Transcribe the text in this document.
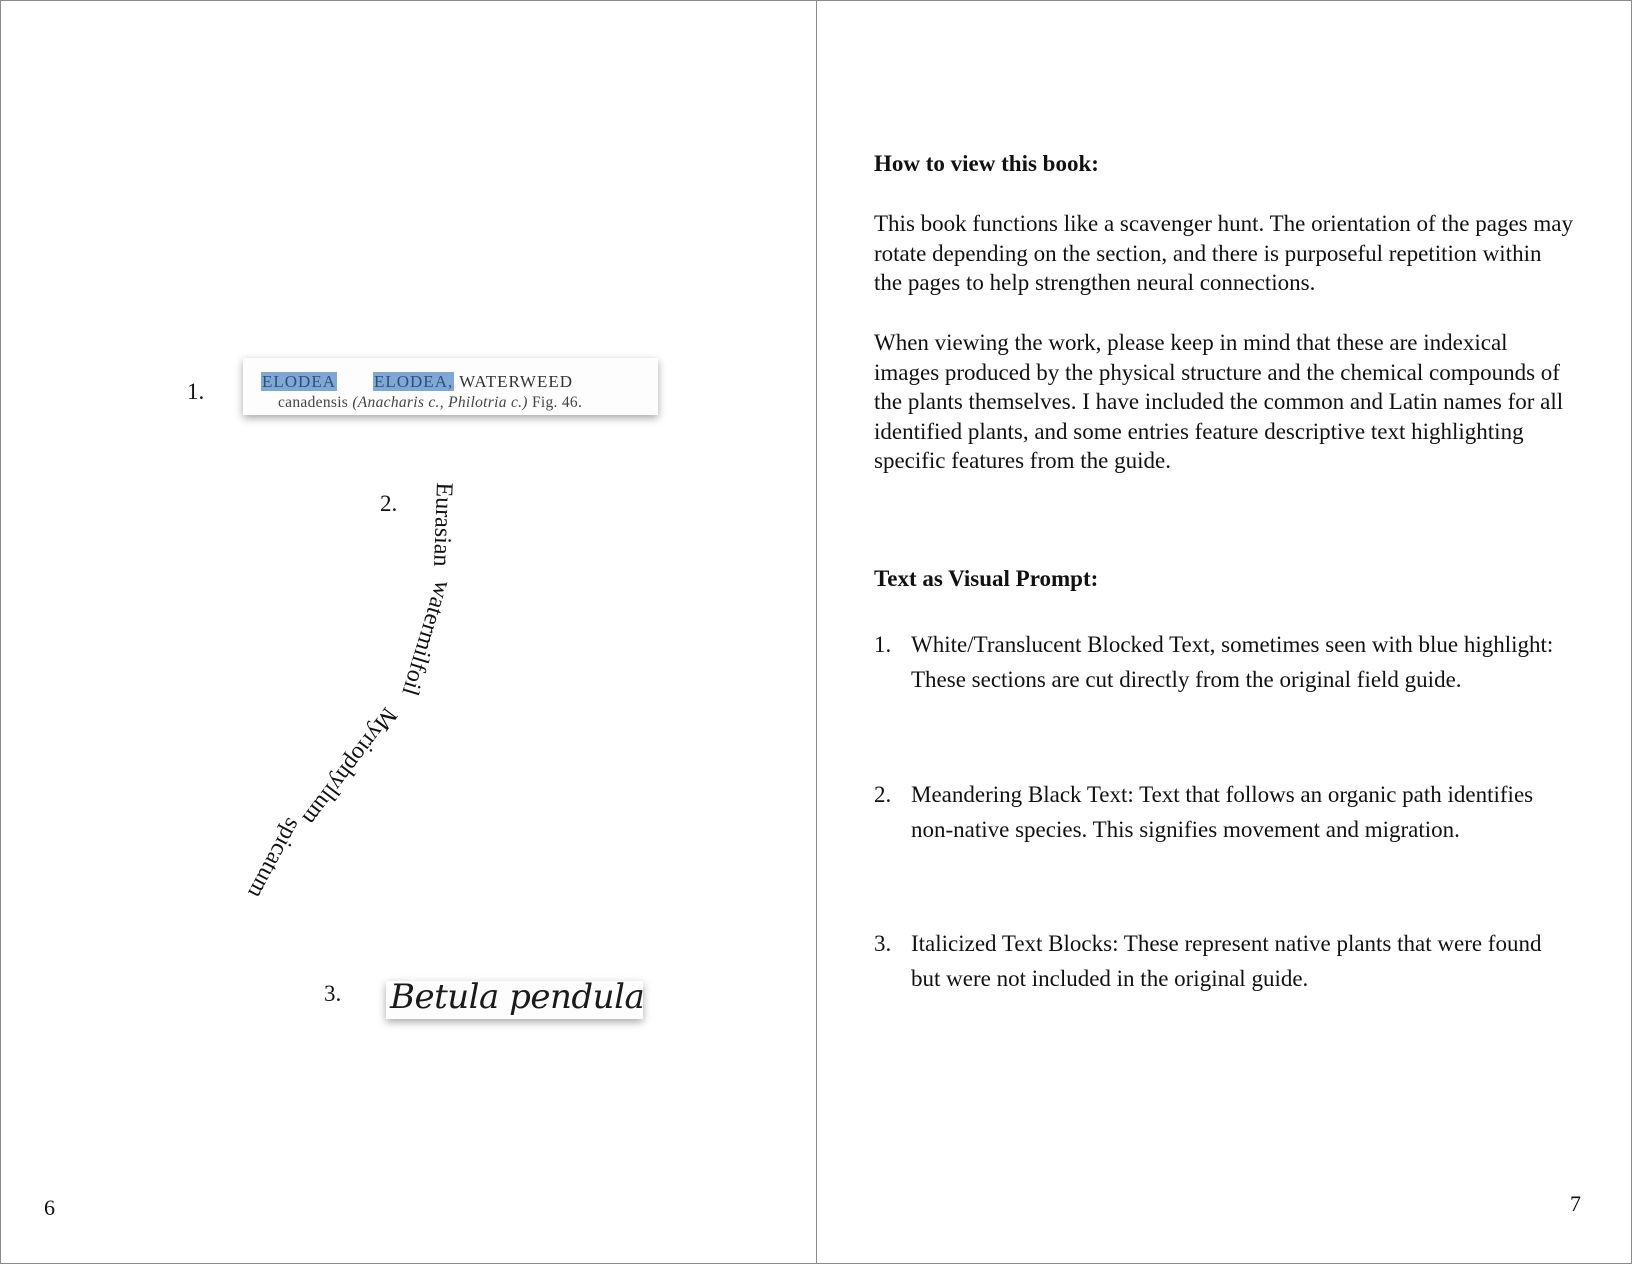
1.	ELODEA ELODEA, WATERWEED
canadensis (Anacharis c., Philotria c.) Fig. 46.
2. Eurasian
watermilfoil
Myriophyllum
spicatum
3. Betula pendula
6
How to view this book:
This book functions like a scavenger hunt. The orientation of the pages may rotate depending on the section, and there is purposeful repetition within the pages to help strengthen neural connections.
When viewing the work, please keep in mind that these are indexical images produced by the physical structure and the chemical compounds of the plants themselves. I have included the common and Latin names for all identified plants, and some entries feature descriptive text highlighting specific features from the guide.
Text as Visual Prompt:
1. White/Translucent Blocked Text, sometimes seen with blue highlight: These sections are cut directly from the original field guide.
2. Meandering Black Text: Text that follows an organic path identifies non-native species. This signifies movement and migration.
3. Italicized Text Blocks: These represent native plants that were found but were not included in the original guide.
7
